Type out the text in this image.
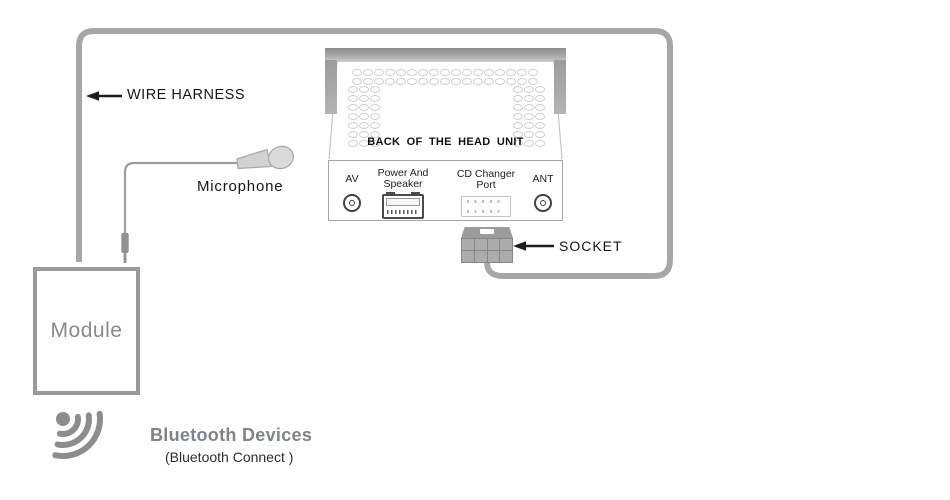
WIRE HARNESS
Microphone
SOCKET
BACK OF THE HEAD UNIT
AV Power And
Speaker
CD Changer
Port	ANT
Module
Bluetooth Devices
(Bluetooth Connect )
